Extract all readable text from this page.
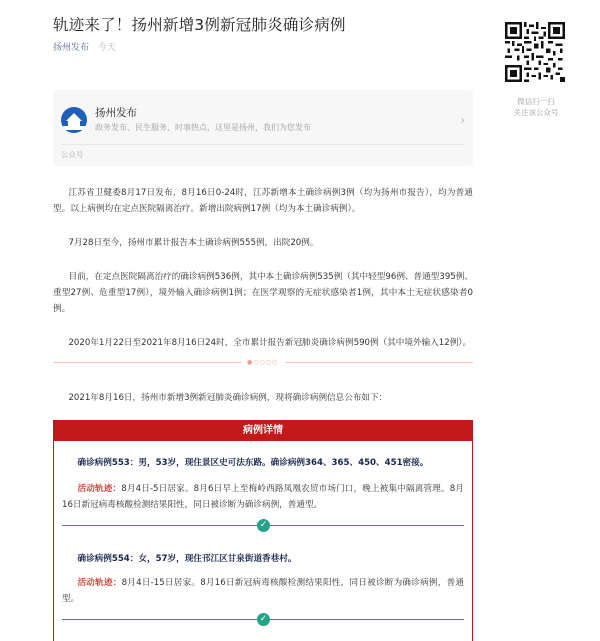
轨迹来了！扬州新增3例新冠肺炎确诊病例
扬州发布 今天
扬州发布
政务发布、民生服务、时事热点，这里是扬州，我们为您发布
›
公众号

江苏省卫健委8月17日发布，8月16日0-24时，江苏新增本土确诊病例3例（均为扬州市报告），均为普通型。以上病例均在定点医院隔离治疗。新增出院病例17例（均为本土确诊病例）。

7月28日至今，扬州市累计报告本土确诊病例555例，出院20例。

目前，在定点医院隔离治疗的确诊病例536例，其中本土确诊病例535例（其中轻型96例、普通型395例、重型27例、危重型17例），境外输入确诊病例1例；在医学观察的无症状感染者1例，其中本土无症状感染者0例。

2020年1月22日至2021年8月16日24时，全市累计报告新冠肺炎确诊病例590例（其中境外输入12例）。

●○○○○

2021年8月16日，扬州市新增3例新冠肺炎确诊病例，现将确诊病例信息公布如下：

病例详情
确诊病例553：男，53岁，现住景区史可法东路。确诊病例364、365、450、451密接。
活动轨迹：8月4日-5日居家。8月6日早上至梅岭西路凤凰农贸市场门口，晚上被集中隔离管理。8月16日新冠病毒核酸检测结果阳性，同日被诊断为确诊病例，普通型。
✓
确诊病例554：女，57岁，现住邗江区甘泉街道香巷村。
活动轨迹：8月4日-15日居家。8月16日新冠病毒核酸检测结果阳性，同日被诊断为确诊病例，普通型。
✓
微信扫一扫
关注该公众号
